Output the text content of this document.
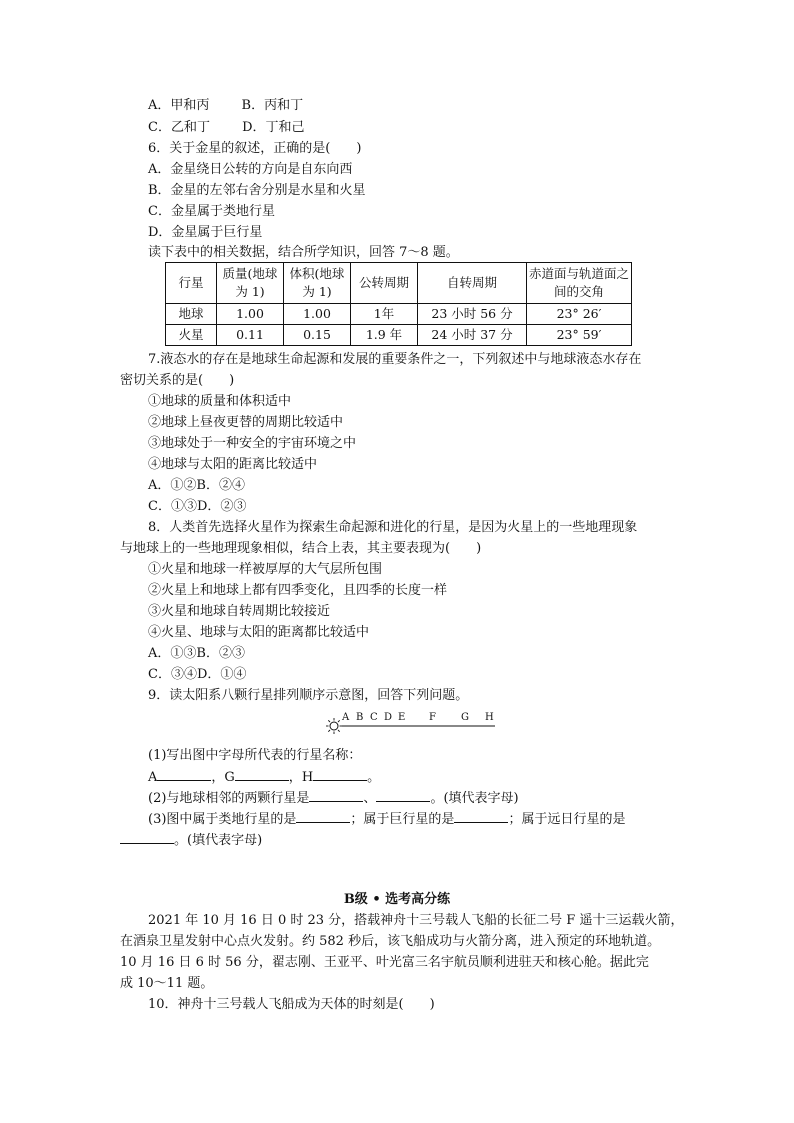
A．甲和丙 B．丙和丁
C．乙和丁 D．丁和己
6．关于金星的叙述，正确的是(　　)
A．金星绕日公转的方向是自东向西
B．金星的左邻右舍分别是水星和火星
C．金星属于类地行星
D．金星属于巨行星
读下表中的相关数据，结合所学知识，回答 7～8 题。
行星	质量(地球为 1)	体积(地球为 1)	公转周期	自转周期	赤道面与轨道面之间的交角
地球	1.00	1.00	1年	23 小时 56 分	23° 26′
火星	0.11	0.15	1.9 年	24 小时 37 分	23° 59′
7.液态水的存在是地球生命起源和发展的重要条件之一，下列叙述中与地球液态水存在
密切关系的是(　　)
①地球的质量和体积适中
②地球上昼夜更替的周期比较适中
③地球处于一种安全的宇宙环境之中
④地球与太阳的距离比较适中
A．①②B．②④
C．①③D．②③
8．人类首先选择火星作为探索生命起源和进化的行星，是因为火星上的一些地理现象
与地球上的一些地理现象相似，结合上表，其主要表现为(　　)
①火星和地球一样被厚厚的大气层所包围
②火星上和地球上都有四季变化，且四季的长度一样
③火星和地球自转周期比较接近
④火星、地球与太阳的距离都比较适中
A．①③B．②③
C．③④D．①④
9．读太阳系八颗行星排列顺序示意图，回答下列问题。
A B C D E F	G H
(1)写出图中字母所代表的行星名称：
A	，G	，H	。
(2)与地球相邻的两颗行星是	、	。(填代表字母)
(3)图中属于类地行星的是	；属于巨行星的是	；属于远日行星的是
。(填代表字母)
B级 • 选考高分练
2021 年 10 月 16 日 0 时 23 分，搭载神舟十三号载人飞船的长征二号 F 遥十三运载火箭，
在酒泉卫星发射中心点火发射。约 582 秒后，该飞船成功与火箭分离，进入预定的环地轨道。
10 月 16 日 6 时 56 分，翟志刚、王亚平、叶光富三名宇航员顺利进驻天和核心舱。据此完
成 10～11 题。
10．神舟十三号载人飞船成为天体的时刻是(　　)
